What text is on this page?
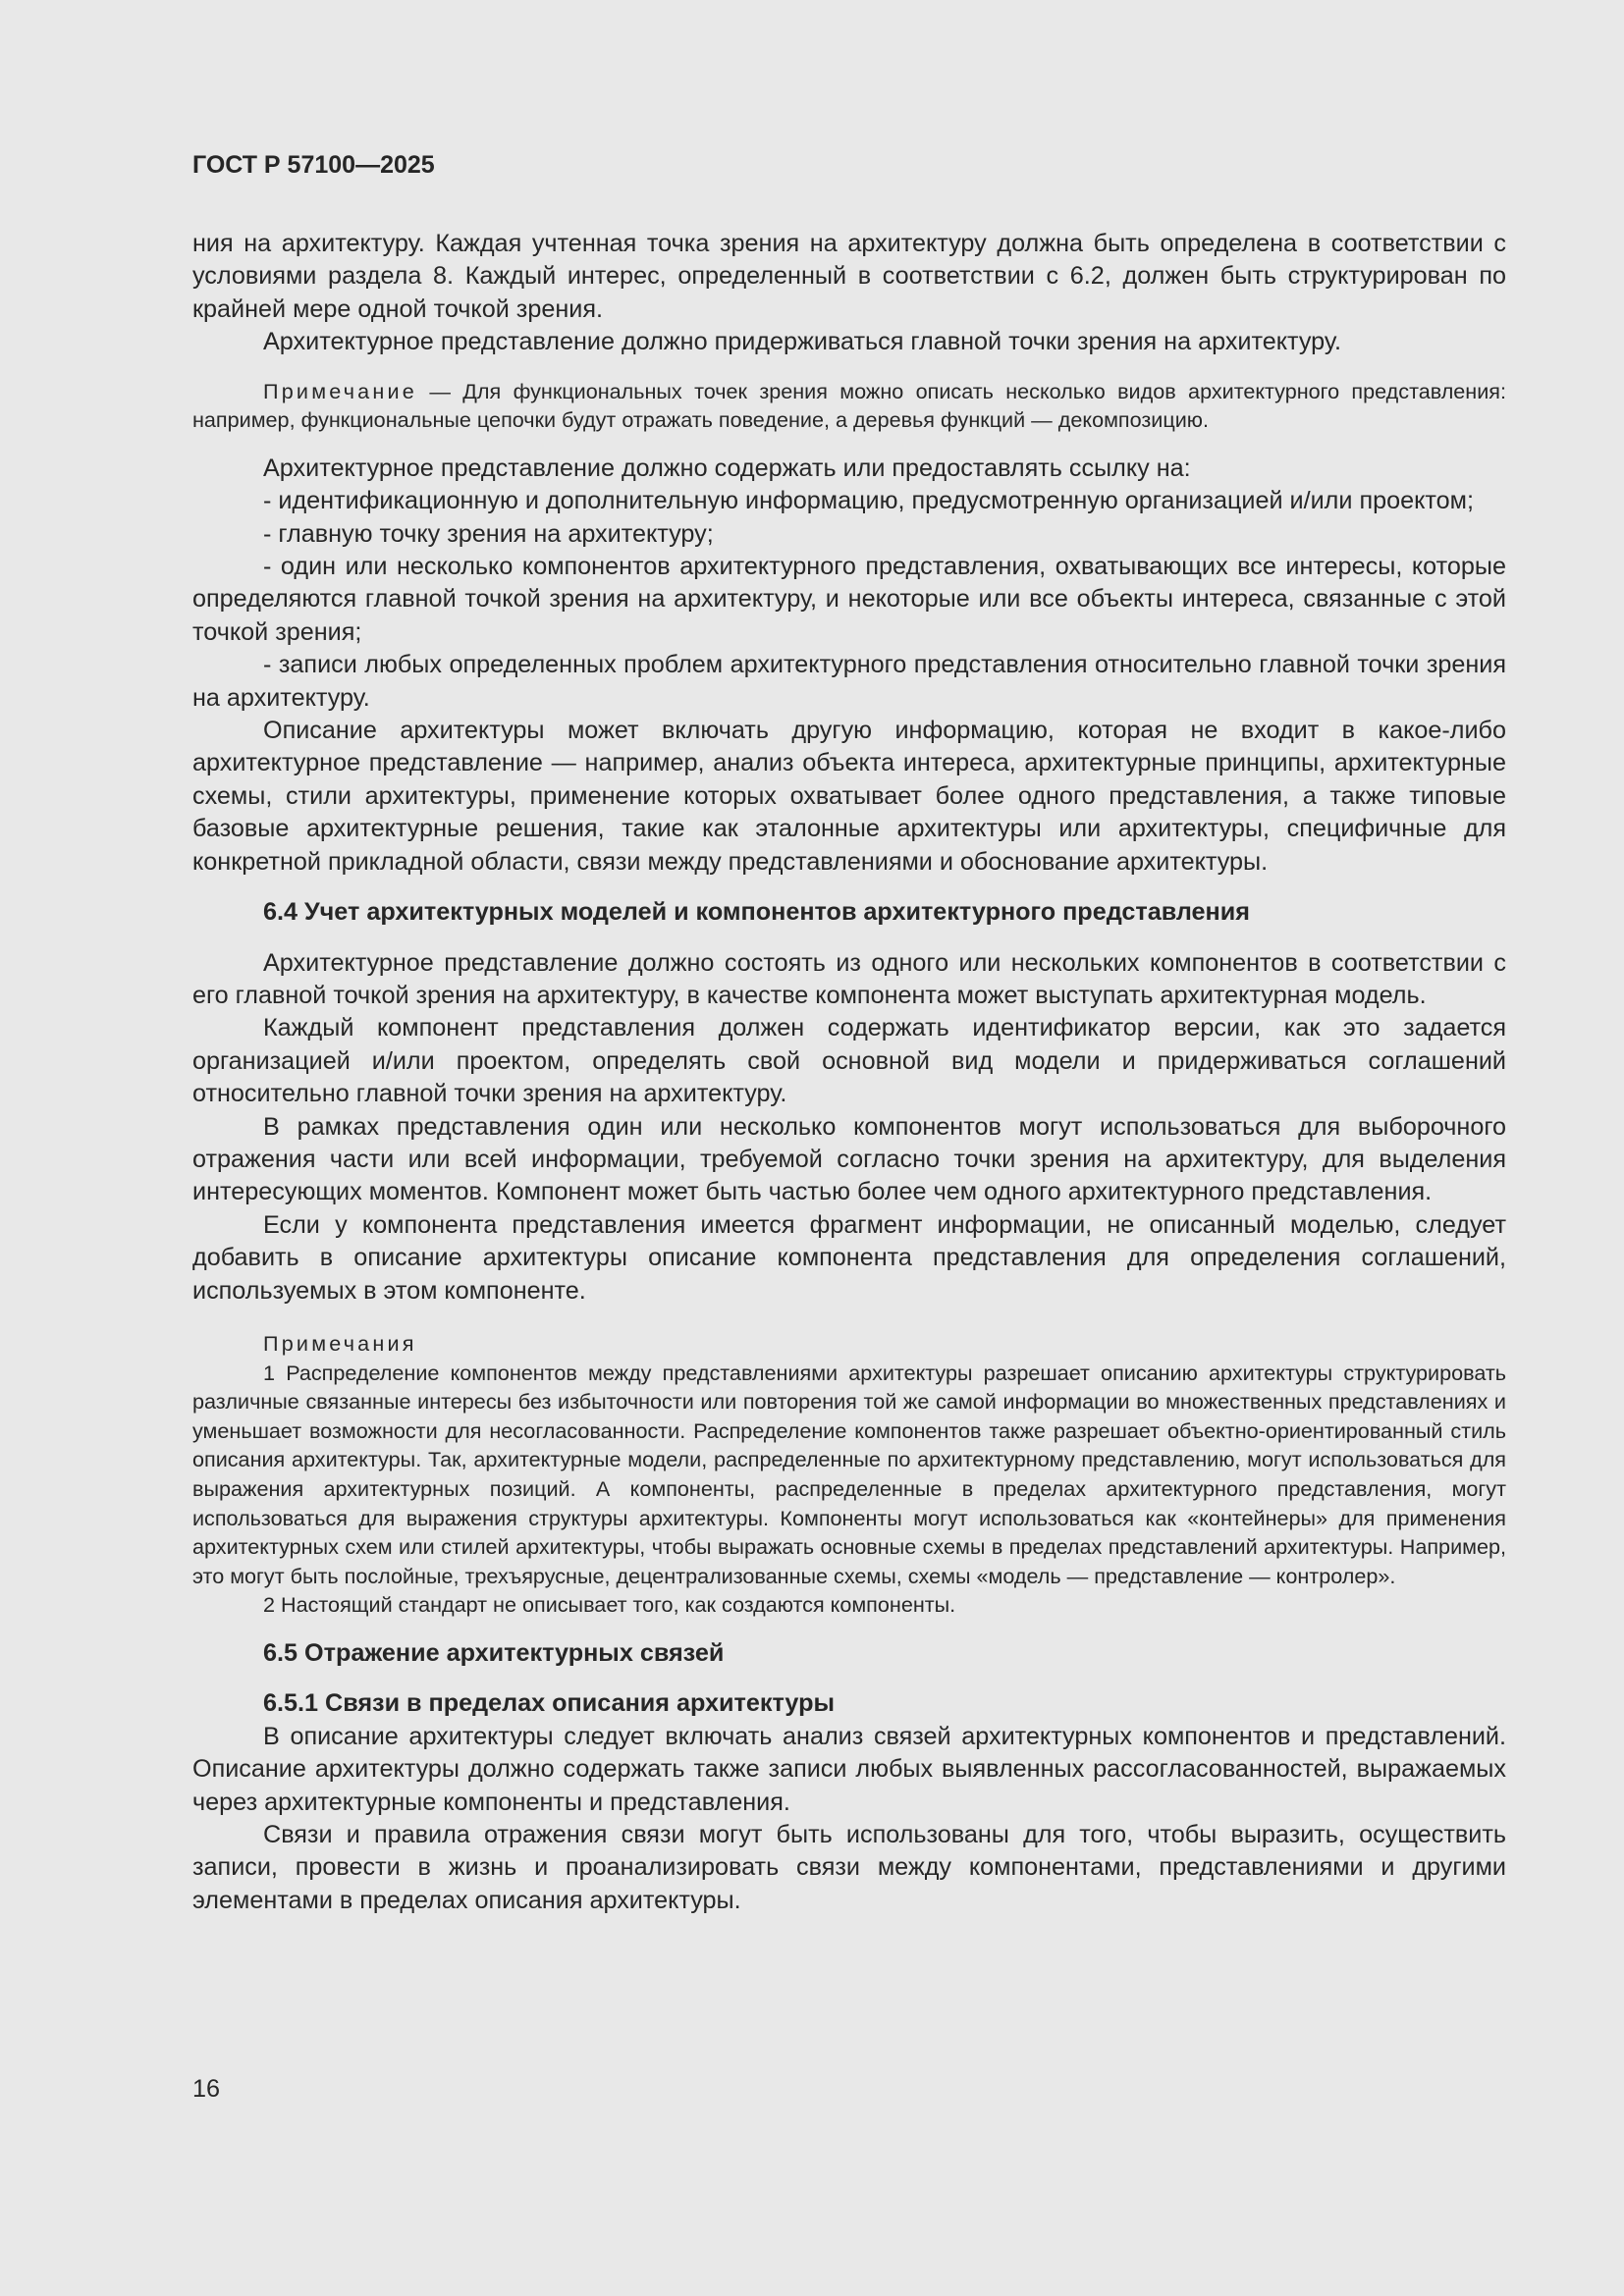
ГОСТ Р 57100—2025

ния на архитектуру. Каждая учтенная точка зрения на архитектуру должна быть определена в соответствии с условиями раздела 8. Каждый интерес, определенный в соответствии с 6.2, должен быть структурирован по крайней мере одной точкой зрения.

Архитектурное представление должно придерживаться главной точки зрения на архитектуру.

Примечание — Для функциональных точек зрения можно описать несколько видов архитектурного представления: например, функциональные цепочки будут отражать поведение, а деревья функций — декомпозицию.

Архитектурное представление должно содержать или предоставлять ссылку на:

- идентификационную и дополнительную информацию, предусмотренную организацией и/или проектом;

- главную точку зрения на архитектуру;

- один или несколько компонентов архитектурного представления, охватывающих все интересы, которые определяются главной точкой зрения на архитектуру, и некоторые или все объекты интереса, связанные с этой точкой зрения;

- записи любых определенных проблем архитектурного представления относительно главной точки зрения на архитектуру.

Описание архитектуры может включать другую информацию, которая не входит в какое-либо архитектурное представление — например, анализ объекта интереса, архитектурные принципы, архитектурные схемы, стили архитектуры, применение которых охватывает более одного представления, а также типовые базовые архитектурные решения, такие как эталонные архитектуры или архитектуры, специфичные для конкретной прикладной области, связи между представлениями и обоснование архитектуры.

6.4 Учет архитектурных моделей и компонентов архитектурного представления

Архитектурное представление должно состоять из одного или нескольких компонентов в соответствии с его главной точкой зрения на архитектуру, в качестве компонента может выступать архитектурная модель.

Каждый компонент представления должен содержать идентификатор версии, как это задается организацией и/или проектом, определять свой основной вид модели и придерживаться соглашений относительно главной точки зрения на архитектуру.

В рамках представления один или несколько компонентов могут использоваться для выборочного отражения части или всей информации, требуемой согласно точки зрения на архитектуру, для выделения интересующих моментов. Компонент может быть частью более чем одного архитектурного представления.

Если у компонента представления имеется фрагмент информации, не описанный моделью, следует добавить в описание архитектуры описание компонента представления для определения соглашений, используемых в этом компоненте.

Примечания

1 Распределение компонентов между представлениями архитектуры разрешает описанию архитектуры структурировать различные связанные интересы без избыточности или повторения той же самой информации во множественных представлениях и уменьшает возможности для несогласованности. Распределение компонентов также разрешает объектно-ориентированный стиль описания архитектуры. Так, архитектурные модели, распределенные по архитектурному представлению, могут использоваться для выражения архитектурных позиций. А компоненты, распределенные в пределах архитектурного представления, могут использоваться для выражения структуры архитектуры. Компоненты могут использоваться как «контейнеры» для применения архитектурных схем или стилей архитектуры, чтобы выражать основные схемы в пределах представлений архитектуры. Например, это могут быть послойные, трехъярусные, децентрализованные схемы, схемы «модель — представление — контролер».

2 Настоящий стандарт не описывает того, как создаются компоненты.

6.5 Отражение архитектурных связей
6.5.1 Связи в пределах описания архитектуры

В описание архитектуры следует включать анализ связей архитектурных компонентов и представлений. Описание архитектуры должно содержать также записи любых выявленных рассогласованностей, выражаемых через архитектурные компоненты и представления.

Связи и правила отражения связи могут быть использованы для того, чтобы выразить, осуществить записи, провести в жизнь и проанализировать связи между компонентами, представлениями и другими элементами в пределах описания архитектуры.

16
